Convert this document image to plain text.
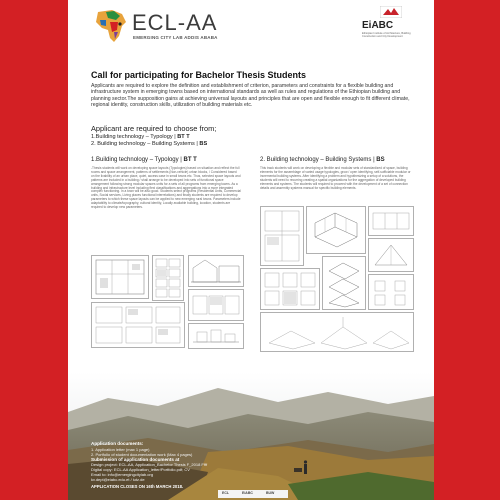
ECL-AA
EMERGING CITY LAB ADDIS ABABA
EiABC
Ethiopian Institute of Architecture, Building Construction and City Development
Call for participating for Bachelor Thesis Students
Applicants are required to explore the definition and establishment of criterion, parameters and constraints for a flexible building and infrastructure system in emerging towns based on international standards as well as rules and regulations of the Ethiopian building and planning sector.The supposition gains at achieving universal layouts and principles that are open and flexible enough to fit different climate, regional identity, construction skills, utilization of building materials etc.
Applicant are required to choose from;
1.Building technology – Typology | BT T
2. Building technology – Building Systems | BS
1.Building technology – Typology | BT T
-Thesis students will work on developing space layouts (Typologies) based on situation and reflect the full rooms and space arrangement, patterns of settlements (Non-vehicle) urban blocks, / Considered based on the livability of an urban place, quiet, access case in small towns etc. Thus, selected space layouts and patterns are included in a building / shall arrange to be developed into sets of functional space arrangement following strong modular spaces units for a sets of all programs from emerging towns. As a building and infrastructure level including flexi classifications and aggregations into a more integrated complex functioning. In a town will be also good. Students select programs (Residential Units, Commercial units, Social services, Living places functional interrelations) and finally students are required to develop parameters to which these space layouts can be applied to new emerging rural towns. Parameters include adaptability to climate/topography, cultural identity, Locally available building, location, students are required to develop new parameters.
2. Building technology – Building Systems | BS
This track students will work on developing a flexible and modular sets of standardized of space, building elements for the assemblage of varied usage typologies, grow / open identifying, self-sufficiable modular or incremental building systems. After identifying a problem and hypothesizing a setup of a solutions, the students will need to recurring creating a spatial organizations for the aggregation of developed building elements and systems. The students will required to proceed with the development of a set of connection details and assembly systems manual for specific building elements.
Application documents:
1. Application letter (max 1 page)
2. Portfolio of student documentation work (Max 4 pages)
Submission of application documents at
Design project: ECL-AA, Application_Bachelor Thesis F_2018 Ffff
Digital copy: ECL-AA Application_letter/Portfolio.pdf; CV
Email to: info@emergingcitylab.org
kv.dept@eiabc.edu.et / lutz.de
APPLICATION CLOSES ON 16th MARCH 2018.
ECL	EiABC	BUW
